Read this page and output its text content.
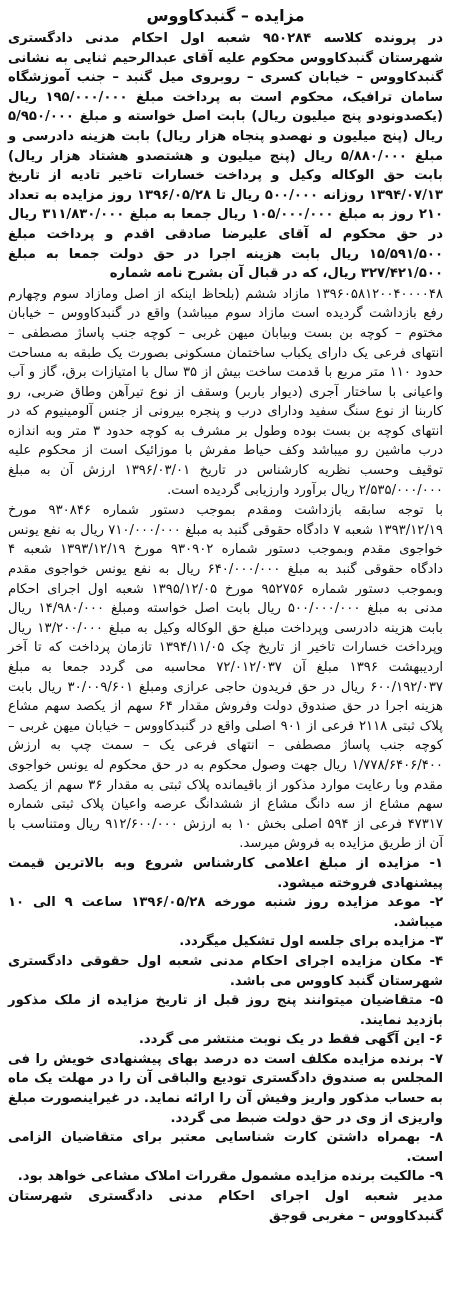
مزایده – گنبدکاووس

در پرونده کلاسه ۹۵۰۲۸۴ شعبه اول احکام مدنی دادگستری شهرستان گنبدکاووس محکوم علیه آقای عبدالرحیم ثنایی به نشانی گنبدکاووس – خیابان کسری – روبروی میل گنبد – جنب آموزشگاه سامان ترافیک، محکوم است به پرداخت مبلغ ۱۹۵/۰۰۰/۰۰۰ ریال (یکصدونودو پنج میلیون ریال) بابت اصل خواسته و مبلغ ۵/۹۵۰/۰۰۰ ریال (پنج میلیون و نهصدو پنجاه هزار ریال) بابت هزینه دادرسی و مبلغ ۵/۸۸۰/۰۰۰ ریال (پنج میلیون و هشتصدو هشتاد هزار ریال) بابت حق الوکاله وکیل و پرداخت خسارات تاخیر تادیه از تاریخ ۱۳۹۴/۰۷/۱۳ روزانه ۵۰۰/۰۰۰ ریال تا ۱۳۹۶/۰۵/۲۸ روز مزایده به تعداد ۲۱۰ روز به مبلغ ۱۰۵/۰۰۰/۰۰۰ ریال جمعا به مبلغ ۳۱۱/۸۳۰/۰۰۰ ریال در حق محکوم له آقای علیرضا صادقی اقدم و پرداخت مبلغ ۱۵/۵۹۱/۵۰۰ ریال بابت هزینه اجرا در حق دولت جمعا به مبلغ ۳۲۷/۴۲۱/۵۰۰ ریال، که در قبال آن بشرح نامه شماره

۱۳۹۶۰۵۸۱۲۰۰۴۰۰۰۰۴۸ مازاد ششم (بلحاظ اینکه از اصل ومازاد سوم وچهارم رفع بازداشت گردیده است مازاد سوم میباشد) واقع در گنبدکاووس – خیابان مختوم – کوچه بن بست وبیابان میهن غربی – کوچه جنب پاساژ مصطفی – انتهای فرعی یک دارای یکباب ساختمان مسکونی بصورت یک طبقه به مساحت حدود ۱۱۰ متر مربع با قدمت ساخت بیش از ۳۵ سال با امتیازات برق، گاز و آب واعیانی با ساختار آجری (دیوار باربر) وسقف از نوع تیرآهن وطاق ضربی، رو کاربنا از نوع سنگ سفید ودارای درب و پنجره بیرونی از جنس آلومینیوم که در انتهای کوچه بن بست بوده وطول بر مشرف به کوچه حدود ۳ متر وبه اندازه درب ماشین رو میباشد وکف حیاط مفرش با موزائیک است از محکوم علیه توقیف وحسب نظریه کارشناس در تاریخ ۱۳۹۶/۰۳/۰۱ ارزش آن به مبلغ ۲/۵۳۵/۰۰۰/۰۰۰ ریال برآورد وارزیابی گردیده است.

با توجه سابقه بازداشت ومقدم بموجب دستور شماره ۹۳۰۸۴۶ مورخ ۱۳۹۳/۱۲/۱۹ شعبه ۷ دادگاه حقوقی گنبد به مبلغ ۷۱۰/۰۰۰/۰۰۰ ریال به نفع یونس خواجوی مقدم وبموجب دستور شماره ۹۳۰۹۰۲ مورخ ۱۳۹۳/۱۲/۱۹ شعبه ۴ دادگاه حقوقی گنبد به مبلغ ۶۴۰/۰۰۰/۰۰۰ ریال به نفع یونس خواجوی مقدم وبموجب دستور شماره ۹۵۲۷۵۶ مورخ ۱۳۹۵/۱۲/۰۵ شعبه اول اجرای احکام مدنی به مبلغ ۵۰۰/۰۰۰/۰۰۰ ریال بابت اصل خواسته ومبلغ ۱۴/۹۸۰/۰۰۰ ریال بابت هزینه دادرسی وپرداخت مبلغ حق الوکاله وکیل به مبلغ ۱۳/۲۰۰/۰۰۰ ریال وپرداخت خسارات تاخیر از تاریخ چک ۱۳۹۴/۱۱/۰۵ تازمان پرداخت که تا آخر اردیبهشت ۱۳۹۶ مبلغ آن ۷۲/۰۱۲/۰۳۷ محاسبه می گردد جمعا به مبلغ ۶۰۰/۱۹۲/۰۳۷ ریال در حق فریدون حاجی عرازی ومبلغ ۳۰/۰۰۹/۶۰۱ ریال بابت هزینه اجرا در حق صندوق دولت وفروش مقدار ۶۴ سهم از یکصد سهم مشاع پلاک ثبتی ۲۱۱۸ فرعی از ۹۰۱ اصلی واقع در گنبدکاووس – خیابان میهن غربی – کوچه جنب پاساژ مصطفی – انتهای فرعی یک – سمت چپ به ارزش ۱/۷۷۸/۶۴۰۶/۴۰۰ ریال جهت وصول محکوم به در حق محکوم له یونس خواجوی مقدم وبا رعایت موارد مذکور از باقیمانده پلاک ثبتی به مقدار ۳۶ سهم از یکصد سهم مشاع از سه دانگ مشاع از ششدانگ عرصه واعیان پلاک ثبتی شماره ۴۷۳۱۷ فرعی از ۵۹۴ اصلی بخش ۱۰ به ارزش ۹۱۲/۶۰۰/۰۰۰ ریال ومتناسب با آن از طریق مزایده به فروش میرسد.

۱- مزایده از مبلغ اعلامی کارشناس شروع وبه بالاترین قیمت پیشنهادی فروخته میشود.
۲- موعد مزایده روز شنبه مورخه ۱۳۹۶/۰۵/۲۸ ساعت ۹ الی ۱۰ میباشد.
۳- مزایده برای جلسه اول تشکیل میگردد.
۴- مکان مزایده اجرای احکام مدنی شعبه اول حقوقی دادگستری شهرستان گنبد کاووس می باشد.
۵- متقاضیان میتوانند پنج روز قبل از تاریخ مزایده از ملک مذکور بازدید نمایند.
۶- این آگهی فقط در یک نوبت منتشر می گردد.
۷- برنده مزایده مکلف است ده درصد بهای پیشنهادی خویش را فی المجلس به صندوق دادگستری تودیع والباقی آن را در مهلت یک ماه به حساب مذکور واریز وفیش آن را ارائه نماید. در غیراینصورت مبلغ واریزی از وی در حق دولت ضبط می گردد.
۸- بهمراه داشتن کارت شناسایی معتبر برای متقاضیان الزامی است.
۹- مالکیت برنده مزایده مشمول مقررات املاک مشاعی خواهد بود.
مدیر شعبه اول اجرای احکام مدنی دادگستری شهرستان گنبدکاووس – مغربی قوجق
